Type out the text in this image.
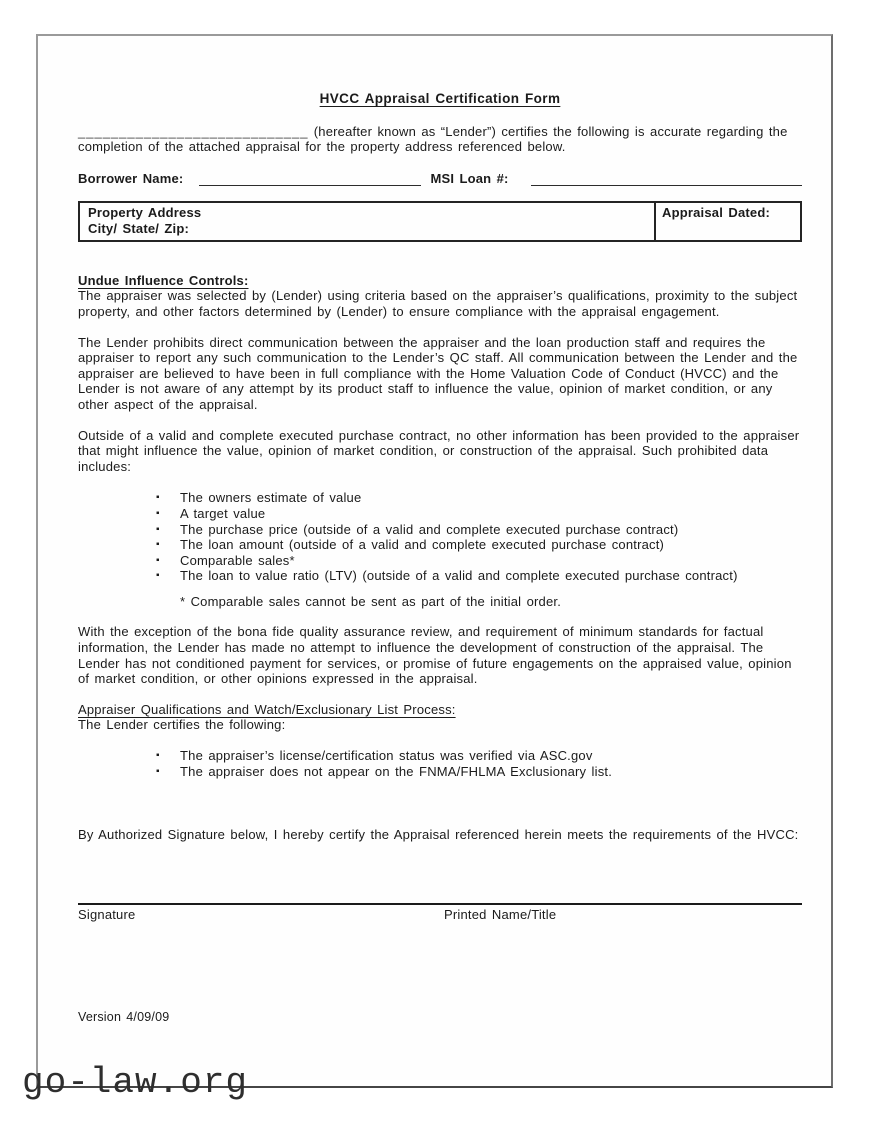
HVCC Appraisal Certification Form

____________________________ (hereafter known as “Lender”) certifies the following is accurate regarding the completion of the attached appraisal for the property address referenced below.

Borrower Name:	MSI Loan #:
Property Address
City/ State/ Zip:
Appraisal Dated:
Undue Influence Controls:

The appraiser was selected by (Lender) using criteria based on the appraiser’s qualifications, proximity to the subject property, and other factors determined by (Lender) to ensure compliance with the appraisal engagement.

The Lender prohibits direct communication between the appraiser and the loan production staff and requires the appraiser to report any such communication to the Lender’s QC staff. All communication between the Lender and the appraiser are believed to have been in full compliance with the Home Valuation Code of Conduct (HVCC) and the Lender is not aware of any attempt by its product staff to influence the value, opinion of market condition, or any other aspect of the appraisal.

Outside of a valid and complete executed purchase contract, no other information has been provided to the appraiser that might influence the value, opinion of market condition, or construction of the appraisal. Such prohibited data includes:

▪ The owners estimate of value
▪ A target value
▪ The purchase price (outside of a valid and complete executed purchase contract)
▪ The loan amount (outside of a valid and complete executed purchase contract)
▪ Comparable sales*
▪ The loan to value ratio (LTV) (outside of a valid and complete executed purchase contract)
* Comparable sales cannot be sent as part of the initial order.

With the exception of the bona fide quality assurance review, and requirement of minimum standards for factual information, the Lender has made no attempt to influence the development of construction of the appraisal. The Lender has not conditioned payment for services, or promise of future engagements on the appraised value, opinion of market condition, or other opinions expressed in the appraisal.

Appraiser Qualifications and Watch/Exclusionary List Process:
The Lender certifies the following:
▪ The appraiser’s license/certification status was verified via ASC.gov
▪ The appraiser does not appear on the FNMA/FHLMA Exclusionary list.

By Authorized Signature below, I hereby certify the Appraisal referenced herein meets the requirements of the HVCC:

Signature	Printed Name/Title
Version 4/09/09
go-law.org
